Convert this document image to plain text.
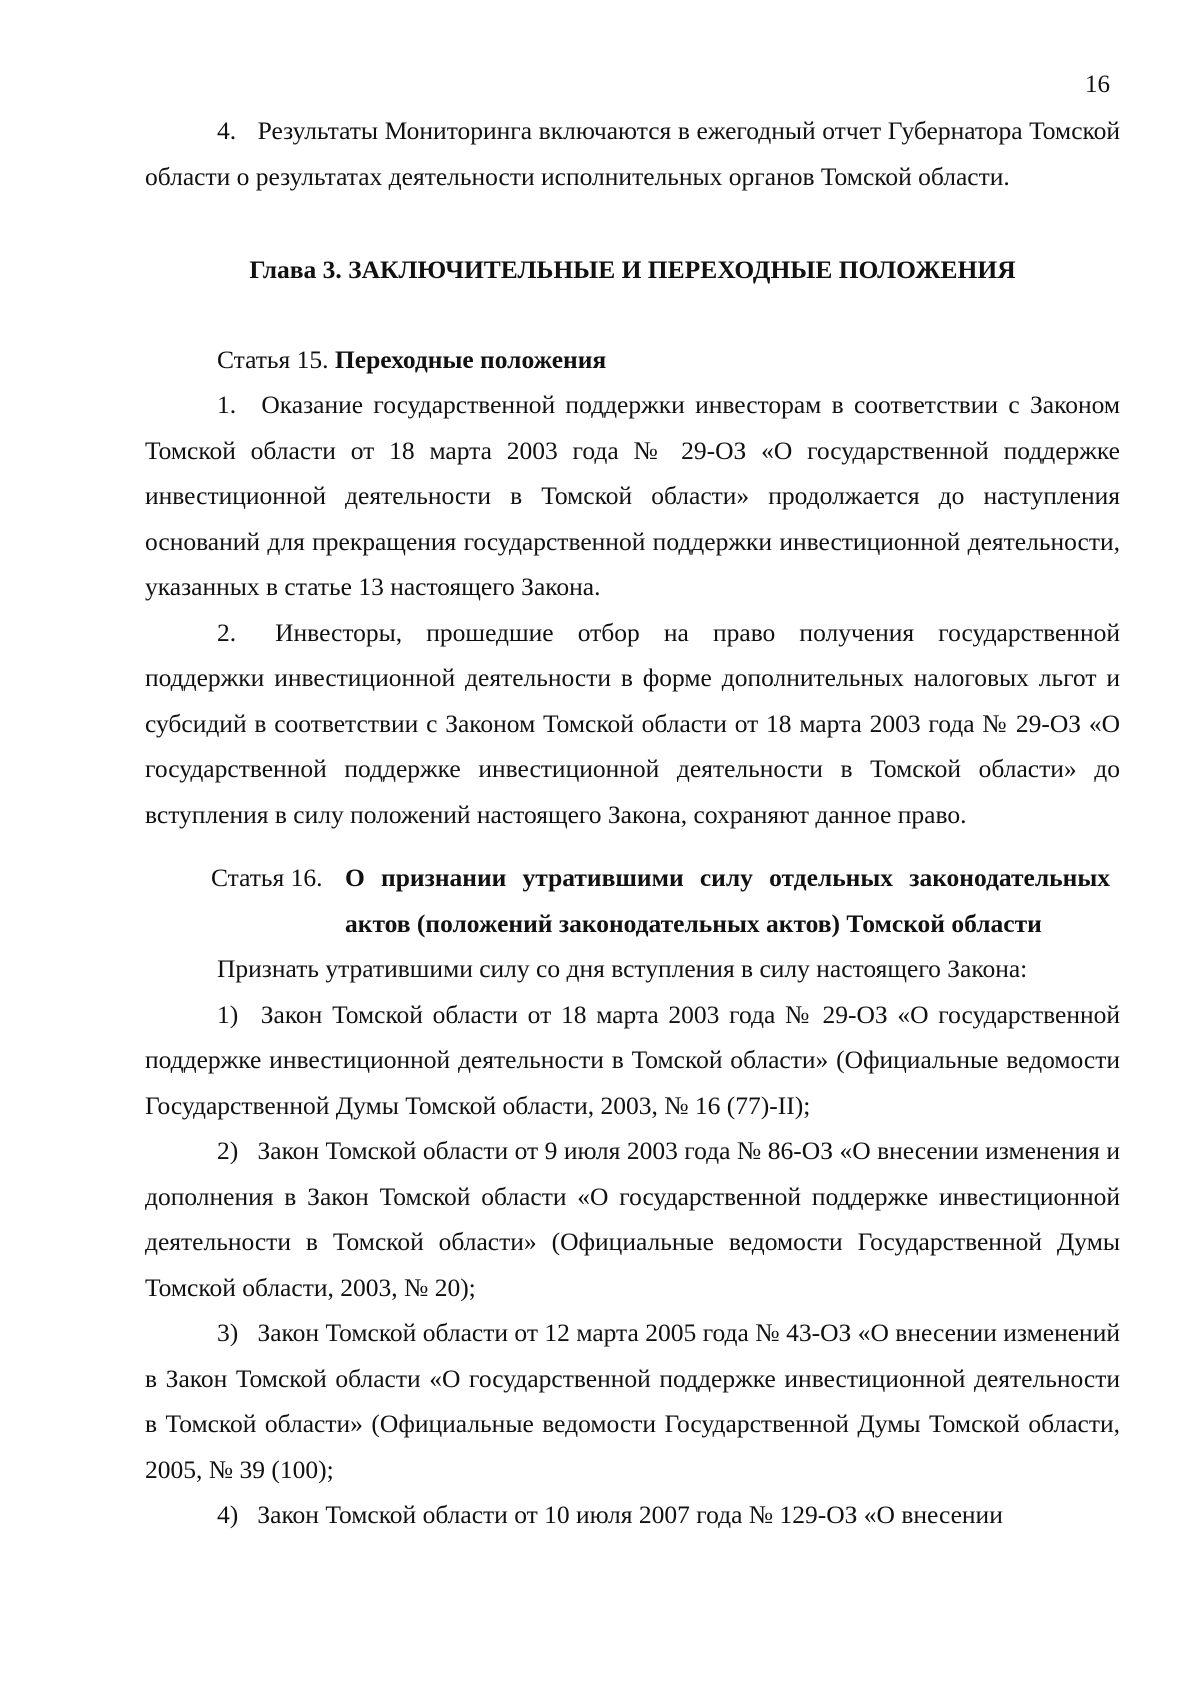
16

4. Результаты Мониторинга включаются в ежегодный отчет Губернатора Томской области о результатах деятельности исполнительных органов Томской области.

Глава 3. ЗАКЛЮЧИТЕЛЬНЫЕ И ПЕРЕХОДНЫЕ ПОЛОЖЕНИЯ

Статья 15. Переходные положения

1. Оказание государственной поддержки инвесторам в соответствии с Законом Томской области от 18 марта 2003 года № 29-ОЗ «О государственной поддержке инвестиционной деятельности в Томской области» продолжается до наступления оснований для прекращения государственной поддержки инвестиционной деятельности, указанных в статье 13 настоящего Закона.

2. Инвесторы, прошедшие отбор на право получения государственной поддержки инвестиционной деятельности в форме дополнительных налоговых льгот и субсидий в соответствии с Законом Томской области от 18 марта 2003 года № 29-ОЗ «О государственной поддержке инвестиционной деятельности в Томской области» до вступления в силу положений настоящего Закона, сохраняют данное право.

Статья 16. О признании утратившими силу отдельных законодательных актов (положений законодательных актов) Томской области

Признать утратившими силу со дня вступления в силу настоящего Закона:

1) Закон Томской области от 18 марта 2003 года № 29-ОЗ «О государственной поддержке инвестиционной деятельности в Томской области» (Официальные ведомости Государственной Думы Томской области, 2003, № 16 (77)-II);

2) Закон Томской области от 9 июля 2003 года № 86-ОЗ «О внесении изменения и дополнения в Закон Томской области «О государственной поддержке инвестиционной деятельности в Томской области» (Официальные ведомости Государственной Думы Томской области, 2003, № 20);

3) Закон Томской области от 12 марта 2005 года № 43-ОЗ «О внесении изменений в Закон Томской области «О государственной поддержке инвестиционной деятельности в Томской области» (Официальные ведомости Государственной Думы Томской области, 2005, № 39 (100);

4) Закон Томской области от 10 июля 2007 года № 129-ОЗ «О внесении
